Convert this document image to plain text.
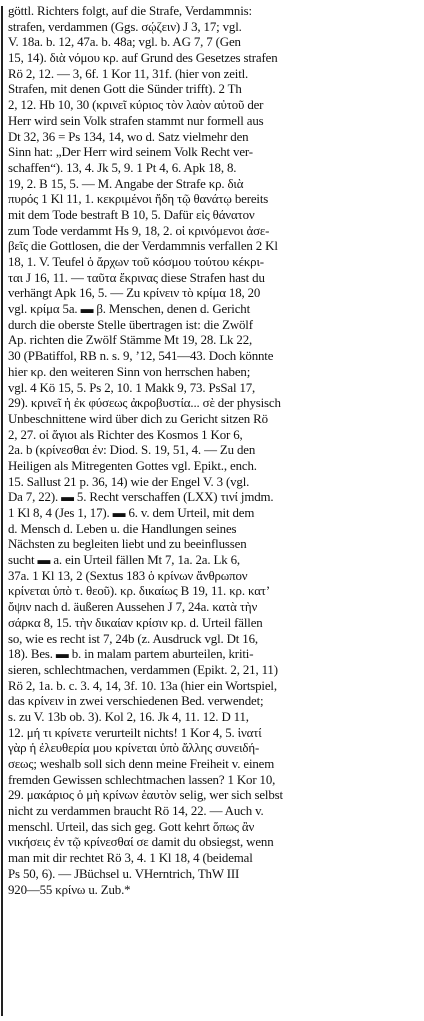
göttl. Richters folgt, auf die Strafe, Verdammnis:
strafen, verdammen (Ggs. σῴζειν) J 3, 17; vgl.
V. 18a. b. 12, 47a. b. 48a; vgl. b. AG 7, 7 (Gen
15, 14). διὰ νόμου κρ. auf Grund des Gesetzes strafen
Rö 2, 12. — 3, 6f. 1 Kor 11, 31f. (hier von zeitl.
Strafen, mit denen Gott die Sünder trifft). 2 Th
2, 12. Hb 10, 30 (κρινεῖ κύριος τὸν λαὸν αὐτοῦ der
Herr wird sein Volk strafen stammt nur formell aus
Dt 32, 36 = Ps 134, 14, wo d. Satz vielmehr den
Sinn hat: „Der Herr wird seinem Volk Recht ver-
schaffen“). 13, 4. Jk 5, 9. 1 Pt 4, 6. Apk 18, 8.
19, 2. B 15, 5. — M. Angabe der Strafe κρ. διὰ
πυρός 1 Kl 11, 1. κεκριμένοι ἤδη τῷ θανάτῳ bereits
mit dem Tode bestraft B 10, 5. Dafür εἰς θάνατον
zum Tode verdammt Hs 9, 18, 2. οἱ κρινόμενοι ἀσε-
βεῖς die Gottlosen, die der Verdammnis verfallen 2 Kl
18, 1. V. Teufel ὁ ἄρχων τοῦ κόσμου τούτου κέκρι-
ται J 16, 11. — ταῦτα ἔκρινας diese Strafen hast du
verhängt Apk 16, 5. — Zu κρίνειν τὸ κρίμα 18, 20
vgl. κρίμα 5a. ▬ β. Menschen, denen d. Gericht
durch die oberste Stelle übertragen ist: die Zwölf
Ap. richten die Zwölf Stämme Mt 19, 28. Lk 22,
30 (PBatiffol, RB n. s. 9, ’12, 541—43. Doch könnte
hier κρ. den weiteren Sinn von herrschen haben;
vgl. 4 Kö 15, 5. Ps 2, 10. 1 Makk 9, 73. PsSal 17,
29). κρινεῖ ἡ ἐκ φύσεως ἀκροβυστία... σὲ der physisch
Unbeschnittene wird über dich zu Gericht sitzen Rö
2, 27. οἱ ἅγιοι als Richter des Kosmos 1 Kor 6,
2a. b (κρίνεσθαι ἐν: Diod. S. 19, 51, 4. — Zu den
Heiligen als Mitregenten Gottes vgl. Epikt., ench.
15. Sallust 21 p. 36, 14) wie der Engel V. 3 (vgl.
Da 7, 22). ▬ 5. Recht verschaffen (LXX) τινί jmdm.
1 Kl 8, 4 (Jes 1, 17). ▬ 6. v. dem Urteil, mit dem
d. Mensch d. Leben u. die Handlungen seines
Nächsten zu begleiten liebt und zu beeinflussen
sucht ▬ a. ein Urteil fällen Mt 7, 1a. 2a. Lk 6,
37a. 1 Kl 13, 2 (Sextus 183 ὁ κρίνων ἄνθρωπον
κρίνεται ὑπὸ τ. θεοῦ). κρ. δικαίως B 19, 11. κρ. κατʼ
ὄψιν nach d. äußeren Aussehen J 7, 24a. κατὰ τὴν
σάρκα 8, 15. τὴν δικαίαν κρίσιν κρ. d. Urteil fällen
so, wie es recht ist 7, 24b (z. Ausdruck vgl. Dt 16,
18). Bes. ▬ b. in malam partem aburteilen, kriti-
sieren, schlechtmachen, verdammen (Epikt. 2, 21, 11)
Rö 2, 1a. b. c. 3. 4, 14, 3f. 10. 13a (hier ein Wortspiel,
das κρίνειν in zwei verschiedenen Bed. verwendet;
s. zu V. 13b ob. 3). Kol 2, 16. Jk 4, 11. 12. D 11,
12. μή τι κρίνετε verurteilt nichts! 1 Kor 4, 5. ἱνατί
γὰρ ἡ ἐλευθερία μου κρίνεται ὑπὸ ἄλλης συνειδή-
σεως; weshalb soll sich denn meine Freiheit v. einem
fremden Gewissen schlechtmachen lassen? 1 Kor 10,
29. μακάριος ὁ μὴ κρίνων ἑαυτὸν selig, wer sich selbst
nicht zu verdammen braucht Rö 14, 22. — Auch v.
menschl. Urteil, das sich geg. Gott kehrt ὅπως ἂν
νικήσεις ἐν τῷ κρίνεσθαί σε damit du obsiegst, wenn
man mit dir rechtet Rö 3, 4. 1 Kl 18, 4 (beidemal
Ps 50, 6). — JBüchsel u. VHerntrich, ThW III
920—55 κρίνω u. Zub.*
